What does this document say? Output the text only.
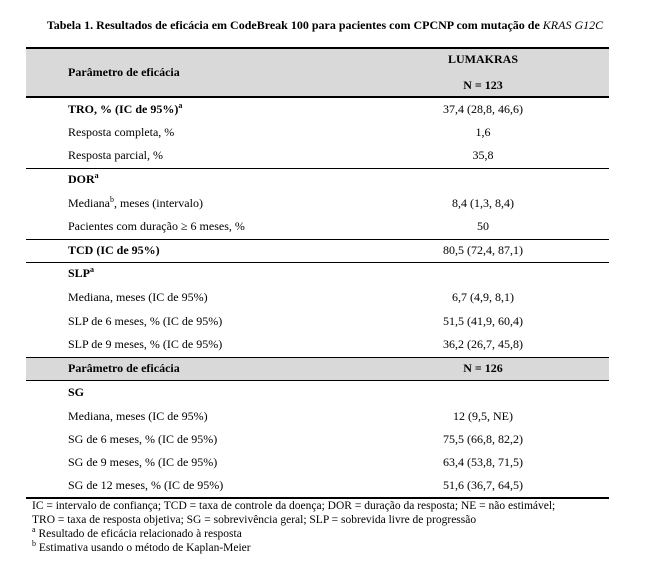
Tabela 1. Resultados de eficácia em CodeBreak 100 para pacientes com CPCNP com mutação de KRAS G12C
Parâmetro de eficácia	LUMAKRAS
N = 123

TRO, % (IC de 95%)$^a$	37,4 (28,8, 46,6)
Resposta completa, %	1,6
Resposta parcial, %	35,8
DOR$^a$	
Mediana$^b$, meses (intervalo)	8,4 (1,3, 8,4)
Pacientes com duração ≥ 6 meses, %	50
TCD (IC de 95%)	80,5 (72,4, 87,1)
SLP$^a$	
Mediana, meses (IC de 95%)	6,7 (4,9, 8,1)
SLP de 6 meses, % (IC de 95%)	51,5 (41,9, 60,4)
SLP de 9 meses, % (IC de 95%)	36,2 (26,7, 45,8)
Parâmetro de eficácia	N = 126
SG	
Mediana, meses (IC de 95%)	12 (9,5, NE)
SG de 6 meses, % (IC de 95%)	75,5 (66,8, 82,2)
SG de 9 meses, % (IC de 95%)	63,4 (53,8, 71,5)
SG de 12 meses, % (IC de 95%)	51,6 (36,7, 64,5)
IC = intervalo de confiança; TCD = taxa de controle da doença; DOR = duração da resposta; NE = não estimável;
TRO = taxa de resposta objetiva; SG = sobrevivência geral; SLP = sobrevida livre de progressão
$^a$ Resultado de eficácia relacionado à resposta
$^b$ Estimativa usando o método de Kaplan-Meier
